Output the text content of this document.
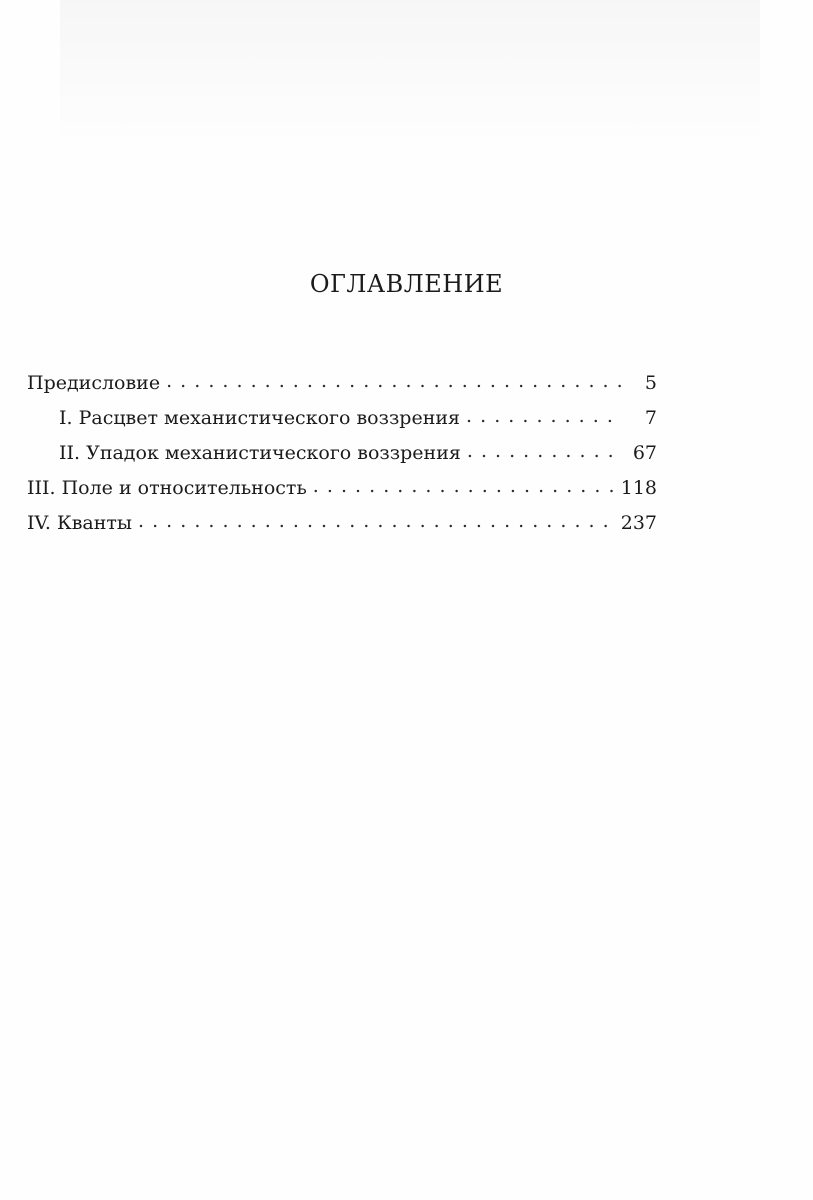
ОГЛАВЛЕНИЕ
Предисловие . . .	5
I. Расцвет механистического воззрения . . .	7
II. Упадок механистического воззрения . . .	67
III. Поле и относительность . . .	118
IV. Кванты . . .	237
